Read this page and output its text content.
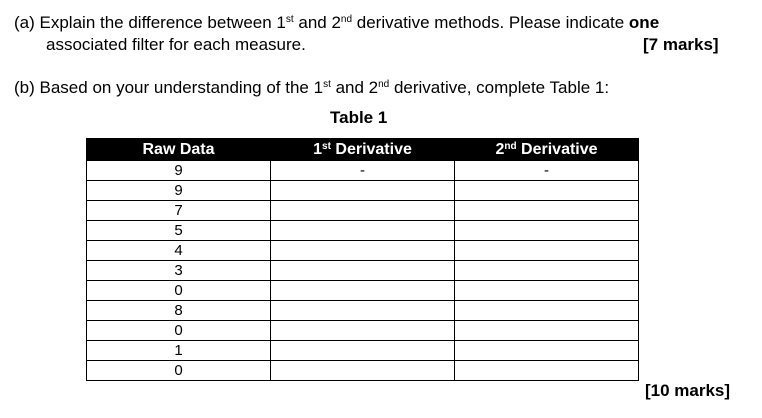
(a) Explain the difference between 1st and 2nd derivative methods. Please indicate one
associated filter for each measure.	[7 marks]
(b) Based on your understanding of the 1st and 2nd derivative, complete Table 1:
Table 1
Raw Data	1st Derivative	2nd Derivative
9	-	-
9		
7		
5		
4		
3		
0		
8		
0		
1		
0		
[10 marks]
